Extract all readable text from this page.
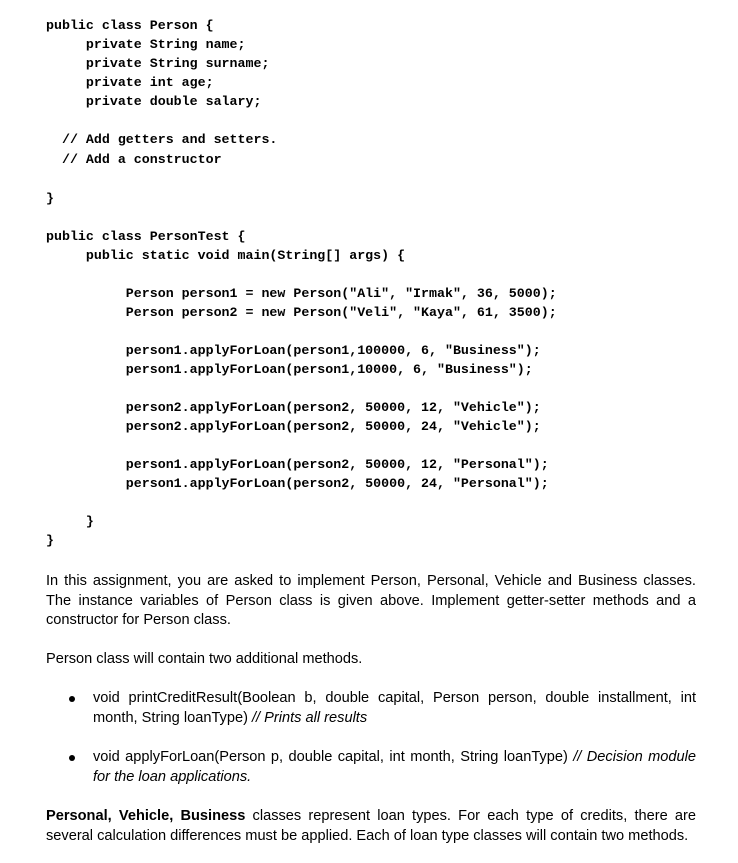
public class Person {
private String name;
private String surname;
private int age;
private double salary;
// Add getters and setters.
// Add a constructor
}
public class PersonTest {
public static void main(String[] args) {
Person person1 = new Person("Ali", "Irmak", 36, 5000);
Person person2 = new Person("Veli", "Kaya", 61, 3500);
person1.applyForLoan(person1,100000, 6, "Business");
person1.applyForLoan(person1,10000, 6, "Business");
person2.applyForLoan(person2, 50000, 12, "Vehicle");
person2.applyForLoan(person2, 50000, 24, "Vehicle");
person1.applyForLoan(person2, 50000, 12, "Personal");
person1.applyForLoan(person2, 50000, 24, "Personal");
}
}
In this assignment, you are asked to implement Person, Personal, Vehicle and Business classes. The instance variables of Person class is given above. Implement getter-setter methods and a constructor for Person class.
Person class will contain two additional methods.
void printCreditResult(Boolean b, double capital, Person person, double installment, int month, String loanType) // Prints all results
void applyForLoan(Person p, double capital, int month, String loanType) // Decision module for the loan applications.
Personal, Vehicle, Business classes represent loan types. For each type of credits, there are several calculation differences must be applied. Each of loan type classes will contain two methods.
